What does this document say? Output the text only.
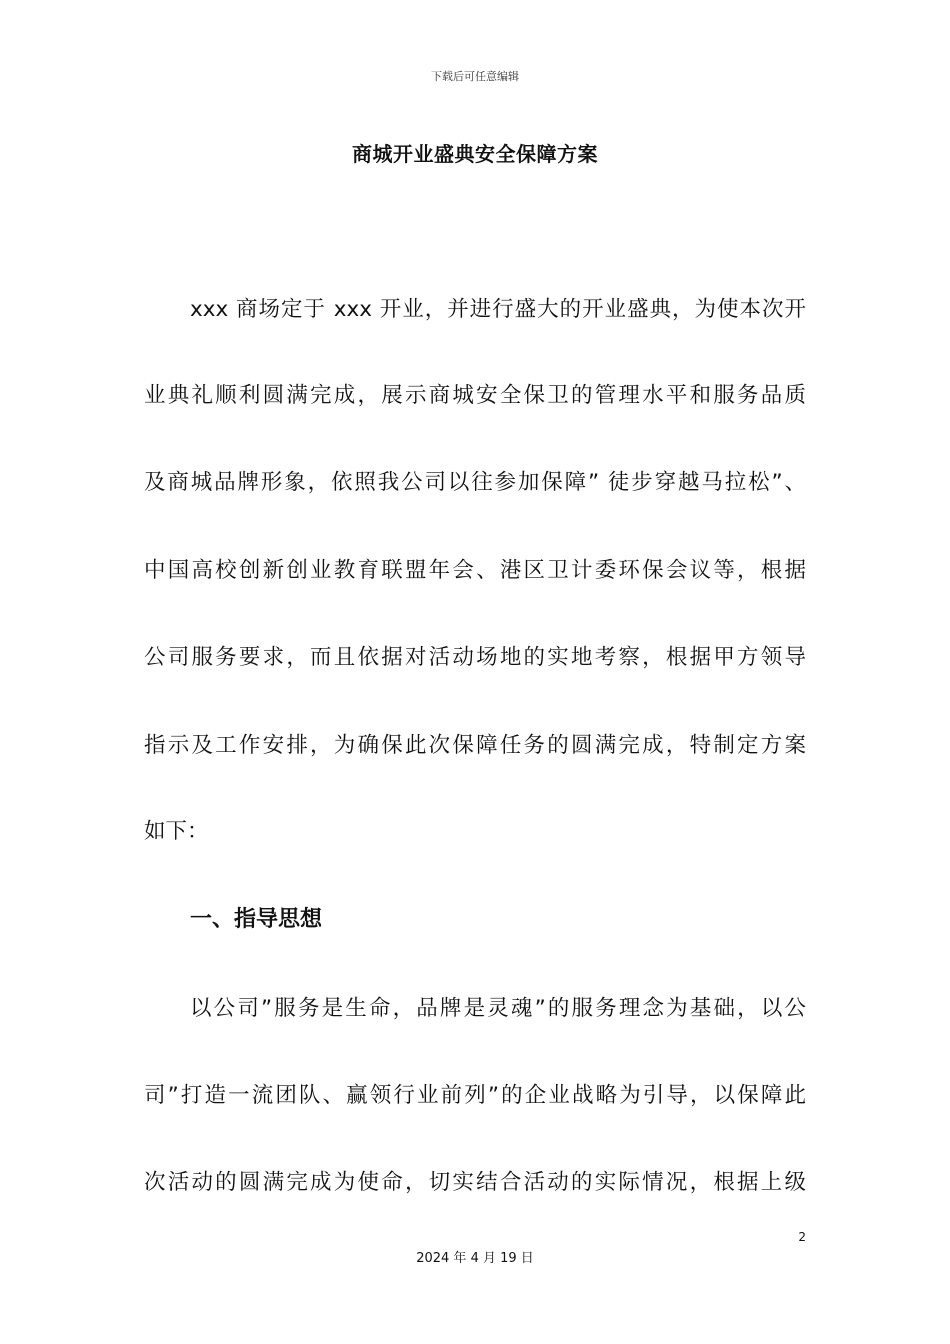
下载后可任意编辑
商城开业盛典安全保障方案
xxx 商场定于 xxx 开业，并进行盛大的开业盛典，为使本次开
业典礼顺利圆满完成，展示商城安全保卫的管理水平和服务品质
及商城品牌形象，依照我公司以往参加保障” 徒步穿越马拉松”、
中国高校创新创业教育联盟年会、港区卫计委环保会议等，根据
公司服务要求，而且依据对活动场地的实地考察，根据甲方领导
指示及工作安排，为确保此次保障任务的圆满完成，特制定方案
如下：
一、指导思想
以公司”服务是生命，品牌是灵魂”的服务理念为基础，以公
司”打造一流团队、赢领行业前列”的企业战略为引导，以保障此
次活动的圆满完成为使命，切实结合活动的实际情况，根据上级
2
2024 年 4 月 19 日
